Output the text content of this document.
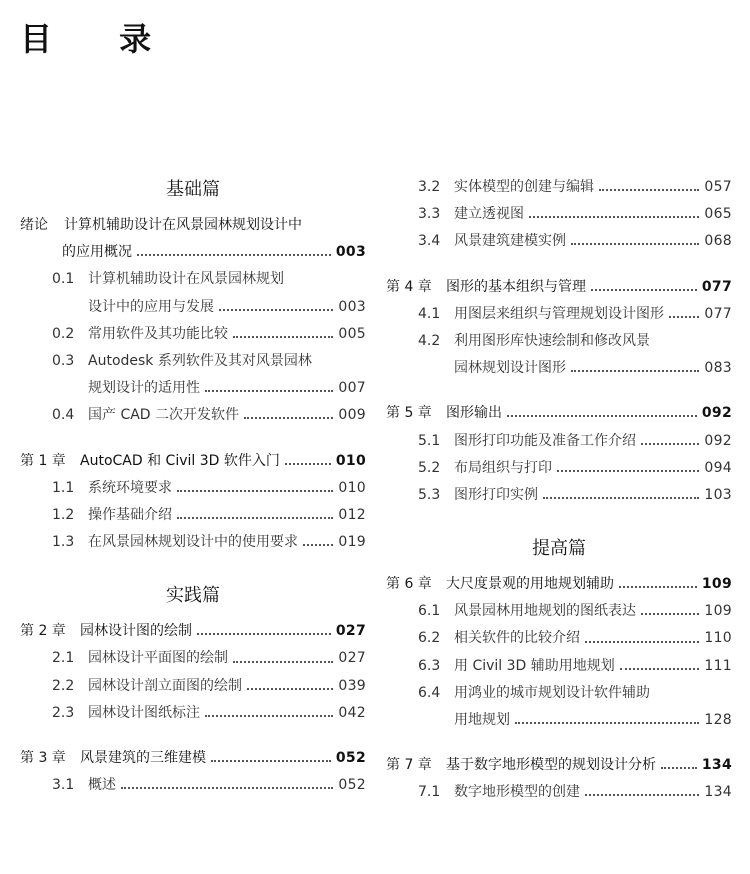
目 录
基础篇
绪论	计算机辅助设计在风景园林规划设计中
的应用概况	003
0.1 计算机辅助设计在风景园林规划
设计中的应用与发展	003
0.2 常用软件及其功能比较	005
0.3 Autodesk 系列软件及其对风景园林
规划设计的适用性	007
0.4 国产 CAD 二次开发软件	009
第 1 章	AutoCAD 和 Civil 3D 软件入门	010
1.1 系统环境要求	010
1.2 操作基础介绍	012
1.3 在风景园林规划设计中的使用要求	019
实践篇
第 2 章	园林设计图的绘制	027
2.1 园林设计平面图的绘制	027
2.2 园林设计剖立面图的绘制	039
2.3 园林设计图纸标注	042
第 3 章	风景建筑的三维建模	052
3.1 概述	052
3.2 实体模型的创建与编辑	057
3.3 建立透视图	065
3.4 风景建筑建模实例	068
第 4 章	图形的基本组织与管理	077
4.1 用图层来组织与管理规划设计图形	077
4.2 利用图形库快速绘制和修改风景
园林规划设计图形	083
第 5 章	图形输出	092
5.1 图形打印功能及准备工作介绍	092
5.2 布局组织与打印	094
5.3 图形打印实例	103
提高篇
第 6 章	大尺度景观的用地规划辅助	109
6.1 风景园林用地规划的图纸表达	109
6.2 相关软件的比较介绍	110
6.3 用 Civil 3D 辅助用地规划	111
6.4 用鸿业的城市规划设计软件辅助
用地规划	128
第 7 章	基于数字地形模型的规划设计分析	134
7.1 数字地形模型的创建	134
